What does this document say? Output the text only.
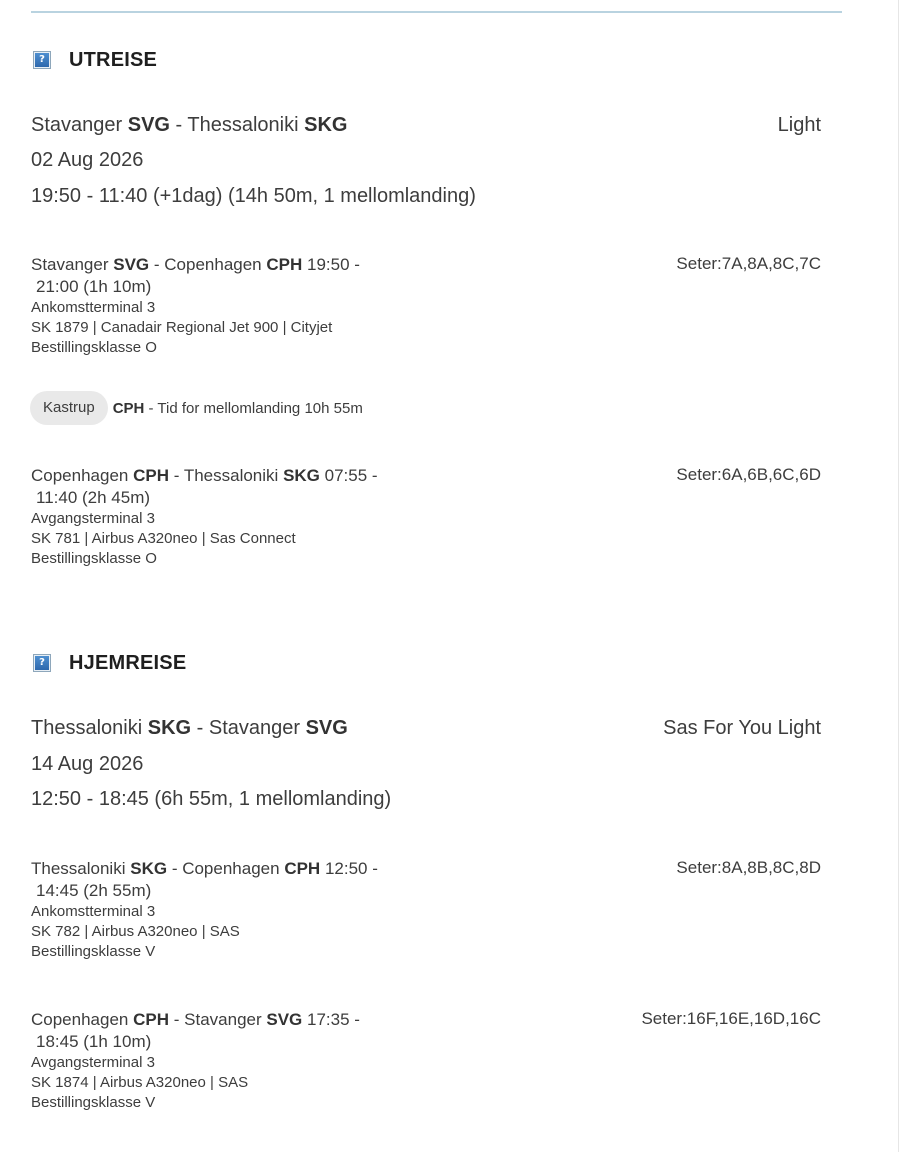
? UTREISE
Stavanger SVG - Thessaloniki SKG	Light
02 Aug 2026
19:50 - 11:40 (+1dag) (14h 50m, 1 mellomlanding)
Stavanger SVG - Copenhagen CPH 19:50 -
21:00 (1h 10m)
Ankomstterminal 3
SK 1879 | Canadair Regional Jet 900 | Cityjet
Bestillingsklasse O
Seter:7A,8A,8C,7C
Kastrup	CPH - Tid for mellomlanding 10h 55m
Copenhagen CPH - Thessaloniki SKG 07:55 -
11:40 (2h 45m)
Avgangsterminal 3
SK 781 | Airbus A320neo | Sas Connect
Bestillingsklasse O
Seter:6A,6B,6C,6D
? HJEMREISE
Thessaloniki SKG - Stavanger SVG	Sas For You Light
14 Aug 2026
12:50 - 18:45 (6h 55m, 1 mellomlanding)
Thessaloniki SKG - Copenhagen CPH 12:50 -
14:45 (2h 55m)
Ankomstterminal 3
SK 782 | Airbus A320neo | SAS
Bestillingsklasse V
Seter:8A,8B,8C,8D
Copenhagen CPH - Stavanger SVG 17:35 -
18:45 (1h 10m)
Avgangsterminal 3
SK 1874 | Airbus A320neo | SAS
Bestillingsklasse V
Seter:16F,16E,16D,16C
